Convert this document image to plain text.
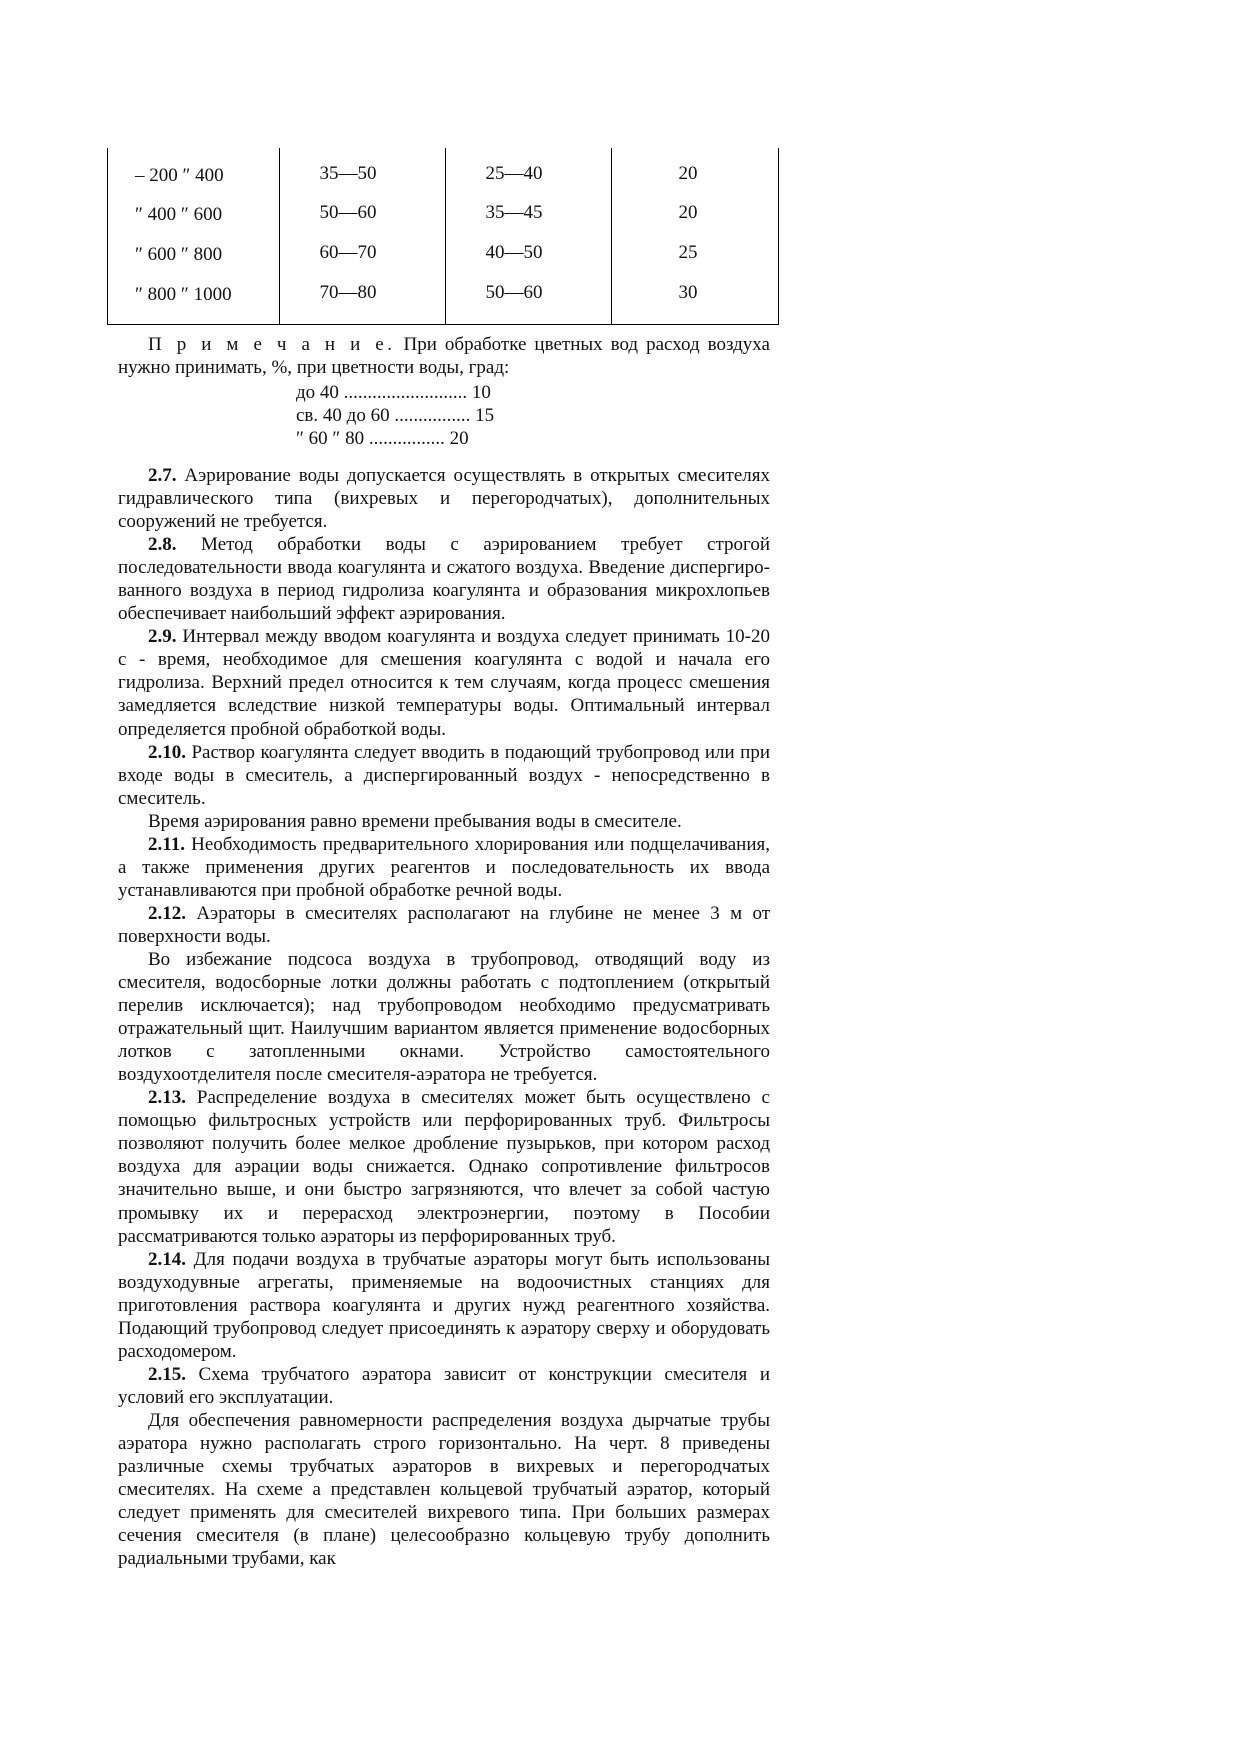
– 200 ″ 400	35—50	25—40	20
″ 400 ″ 600	50—60	35—45	20
″ 600 ″ 800	60—70	40—50	25
″ 800 ″ 1000	70—80	50—60	30

П р и м е ч а н и е. При обработке цветных вод расход воздуха нужно принимать, %, при цветности воды, град:

до 40 .......................... 10
св. 40 до 60 ................ 15
″ 60 ″ 80 ................ 20

2.7. Аэрирование воды допускается осуществлять в открытых смесителях гидравлического типа (вихревых и перегородчатых), дополнительных сооружений не требуется.

2.8. Метод обработки воды с аэрированием требует строгой последовательности ввода коагулянта и сжатого воздуха. Введение диспергиро-ванного воздуха в период гидролиза коагулянта и образования микрохлопьев обеспечивает наибольший эффект аэрирования.

2.9. Интервал между вводом коагулянта и воздуха следует принимать 10-20 с - время, необходимое для смешения коагулянта с водой и начала его гидролиза. Верхний предел относится к тем случаям, когда процесс смешения замедляется вследствие низкой температуры воды. Оптимальный интервал определяется пробной обработкой воды.

2.10. Раствор коагулянта следует вводить в подающий трубопровод или при входе воды в смеситель, а диспергированный воздух - непосредственно в смеситель.

Время аэрирования равно времени пребывания воды в смесителе.

2.11. Необходимость предварительного хлорирования или подщелачивания, а также применения других реагентов и последовательность их ввода устанавливаются при пробной обработке речной воды.

2.12. Аэраторы в смесителях располагают на глубине не менее 3 м от поверхности воды.

Во избежание подсоса воздуха в трубопровод, отводящий воду из смесителя, водосборные лотки должны работать с подтоплением (открытый перелив исключается); над трубопроводом необходимо предусматривать отражательный щит. Наилучшим вариантом является применение водосборных лотков с затопленными окнами. Устройство самостоятельного воздухоотделителя после смесителя-аэратора не требуется.

2.13. Распределение воздуха в смесителях может быть осуществлено с помощью фильтросных устройств или перфорированных труб. Фильтросы позволяют получить более мелкое дробление пузырьков, при котором расход воздуха для аэрации воды снижается. Однако сопротивление фильтросов значительно выше, и они быстро загрязняются, что влечет за собой частую промывку их и перерасход электроэнергии, поэтому в Пособии рассматриваются только аэраторы из перфорированных труб.

2.14. Для подачи воздуха в трубчатые аэраторы могут быть использованы воздуходувные агрегаты, применяемые на водоочистных станциях для приготовления раствора коагулянта и других нужд реагентного хозяйства. Подающий трубопровод следует присоединять к аэратору сверху и оборудовать расходомером.

2.15. Схема трубчатого аэратора зависит от конструкции смесителя и условий его эксплуатации.

Для обеспечения равномерности распределения воздуха дырчатые трубы аэратора нужно располагать строго горизонтально. На черт. 8 приведены различные схемы трубчатых аэраторов в вихревых и перегородчатых смесителях. На схеме а представлен кольцевой трубчатый аэратор, который следует применять для смесителей вихревого типа. При больших размерах сечения смесителя (в плане) целесообразно кольцевую трубу дополнить радиальными трубами, как
